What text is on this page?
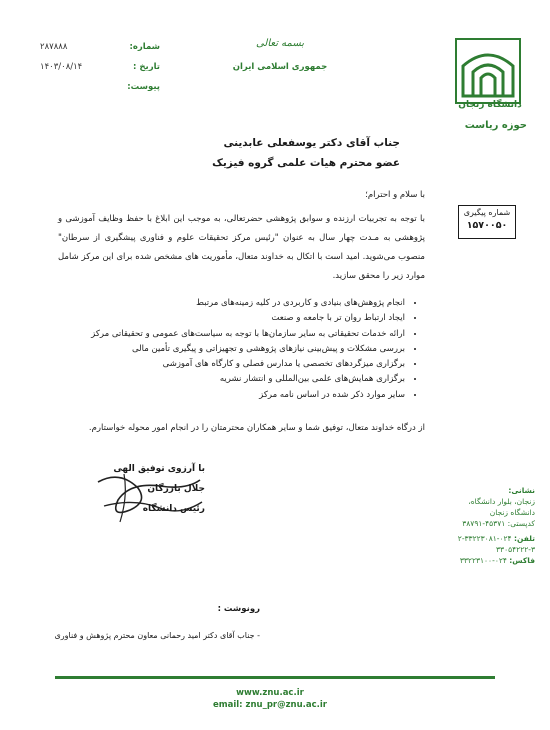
دانشگاه زنجان
حوزه ریاست
بسمه تعالی
جمهوری اسلامی ایران
شماره:
۲۸۷۸۸۸
تاریخ :
۱۴۰۳/۰۸/۱۴
پیوست:
جناب آقای دکتر یوسفعلی عابدینی
عضو محترم هیات علمی گروه فیزیک
با سلام و احترام؛
با توجه به تجربیات ارزنده و سوابق پژوهشی حضرتعالی، به موجب این ابلاغ با حفظ وظایف آموزشی و پژوهشی به مـدت چهار سال به عنوان "رئیس مرکز تحقیقات علوم و فناوری پیشگیری از سرطان" منصوب می‌شوید. امید است با اتکال به خداوند متعال، مأموریت های مشخص شده برای این مرکز شامل موارد زیر را محقق سازید.
• انجام پژوهش‌های بنیادی و کاربردی در کلیه زمینه‌های مرتبط
• ایجاد ارتباط روان تر با جامعه و صنعت
• ارائه خدمات تحقیقاتی به سایر سازمان‌ها با توجه به سیاست‌های عمومی و تحقیقاتی مرکز
• بررسی مشکلات و پیش‌بینی نیازهای پژوهشی و تجهیزاتی و پیگیری تأمین مالی
• برگزاری میزگردهای تخصصی یا مدارس فصلی و کارگاه های آموزشی
• برگزاری همایش‌های علمی بین‌المللی و انتشار نشریه
• سایر موارد ذکر شده در اساس نامه مرکز
از درگاه خداوند متعال، توفیق شما و سایر همکاران محترمتان را در انجام امور محوله خواستارم.
با آرزوی توفیق الهی
جلال بازرگان
رئیس دانشگاه
شماره پیگیری
۱۵۷۰۰۵۰
نشانی:
زنجان، بلوار دانشگاه،
دانشگاه زنجان
کدپستی: ۴۵۳۷۱-۳۸۷۹۱
تلفن: ۰۲۴-۳۳۲۲۳۰۸۱-۲
۳۳۰۵۴۲۲۲-۳
فاکس: ۰۲۴-۳۳۲۲۳۱۰۰
رونوشت :
- جناب آقای دکتر امید رحمانی معاون محترم پژوهش و فناوری
www.znu.ac.ir
email: znu_pr@znu.ac.ir
